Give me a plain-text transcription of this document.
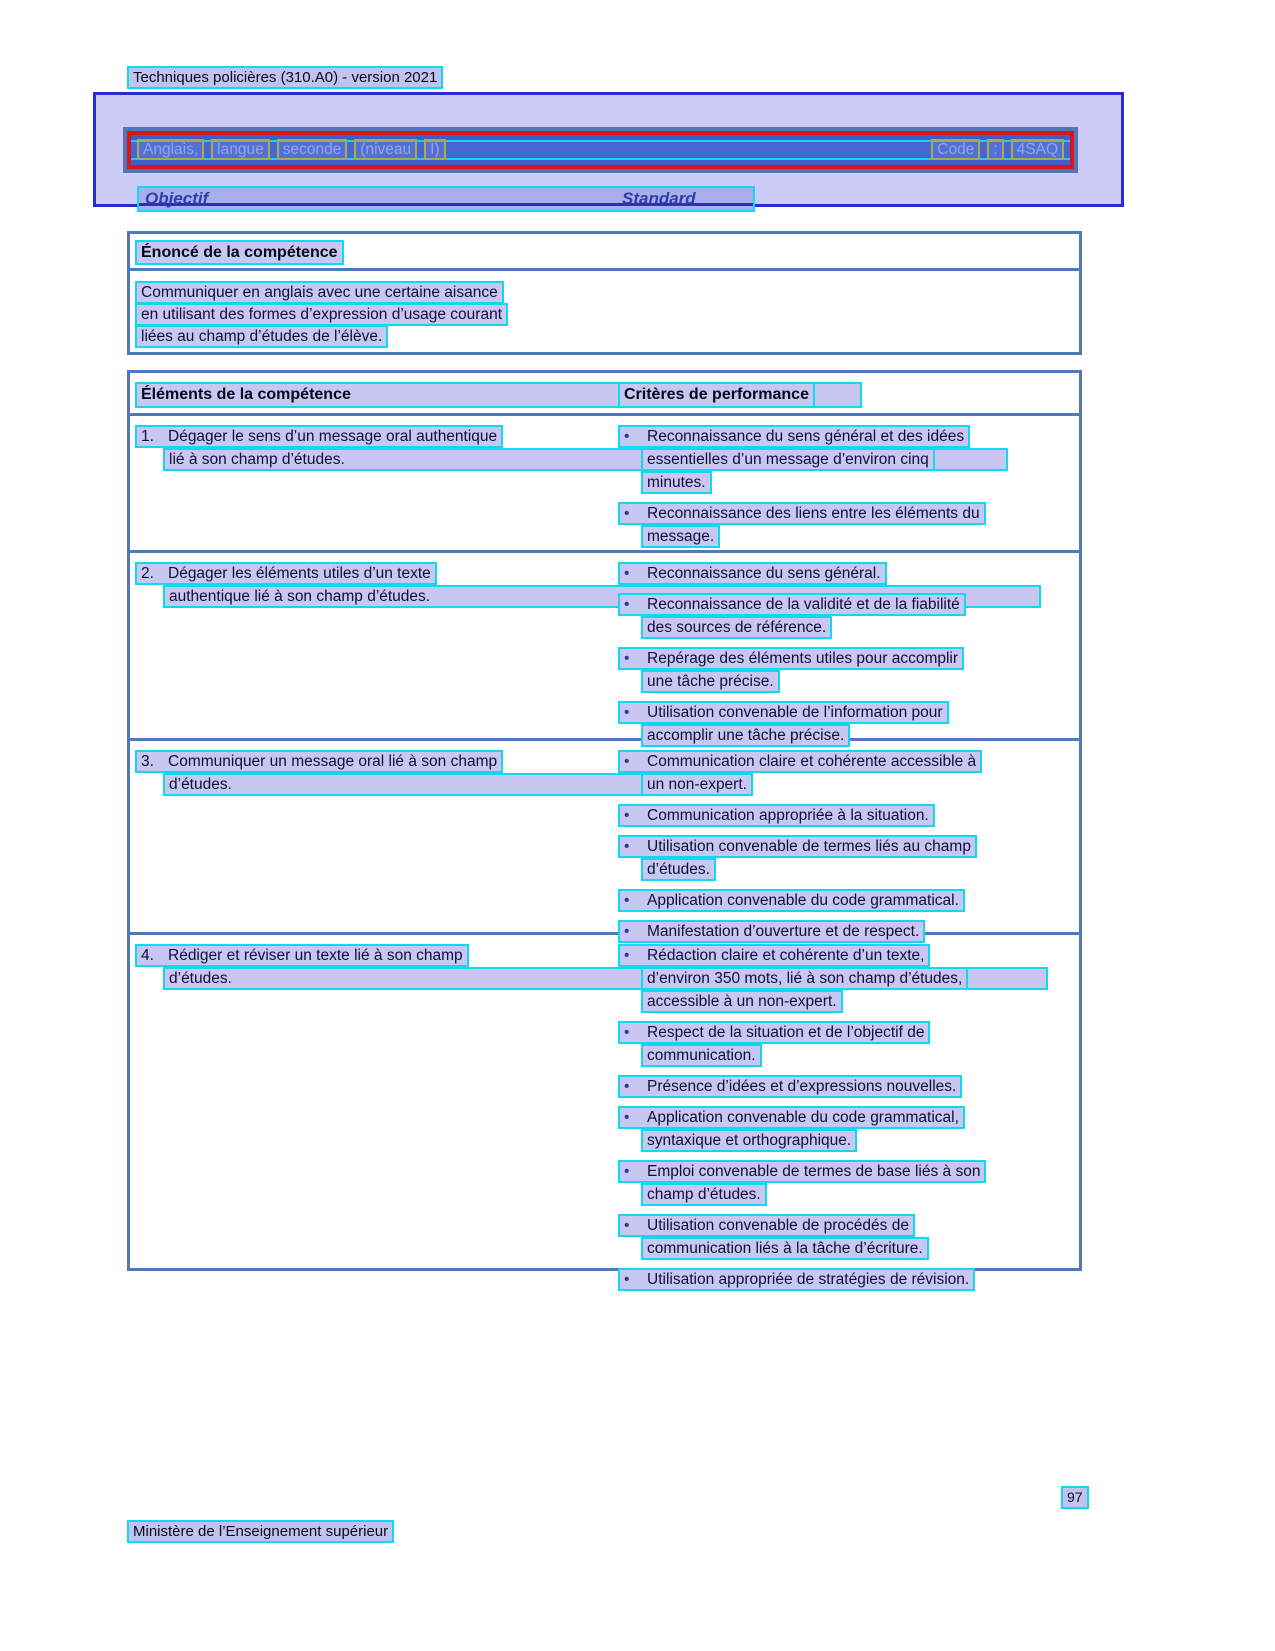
Techniques policières (310.A0) - version 2021
Anglais,	langue	seconde	(niveau	I)	Code	:	4SAQ
Objectif	Standard
Énoncé de la compétence
Communiquer en anglais avec une certaine aisance
en utilisant des formes d’expression d’usage courant
liées au champ d’études de l’élève.
Éléments de la compétence	Critères de performance
1. Dégager le sens d’un message oral authentique
lié à son champ d’études.
• Reconnaissance du sens général et des idées
essentielles d’un message d’environ cinq
minutes.
• Reconnaissance des liens entre les éléments du
message.
2. Dégager les éléments utiles d’un texte
authentique lié à son champ d’études.
• Reconnaissance du sens général.
• Reconnaissance de la validité et de la fiabilité
des sources de référence.
• Repérage des éléments utiles pour accomplir
une tâche précise.
• Utilisation convenable de l’information pour
accomplir une tâche précise.
3. Communiquer un message oral lié à son champ
d’études.
• Communication claire et cohérente accessible à
un non-expert.
• Communication appropriée à la situation.
• Utilisation convenable de termes liés au champ
d’études.
• Application convenable du code grammatical.
• Manifestation d’ouverture et de respect.
4. Rédiger et réviser un texte lié à son champ
d’études.
• Rédaction claire et cohérente d’un texte,
d’environ 350 mots, lié à son champ d’études,
accessible à un non-expert.
• Respect de la situation et de l’objectif de
communication.
• Présence d’idées et d’expressions nouvelles.
• Application convenable du code grammatical,
syntaxique et orthographique.
• Emploi convenable de termes de base liés à son
champ d’études.
• Utilisation convenable de procédés de
communication liés à la tâche d’écriture.
• Utilisation appropriée de stratégies de révision.
97
Ministère de l’Enseignement supérieur
